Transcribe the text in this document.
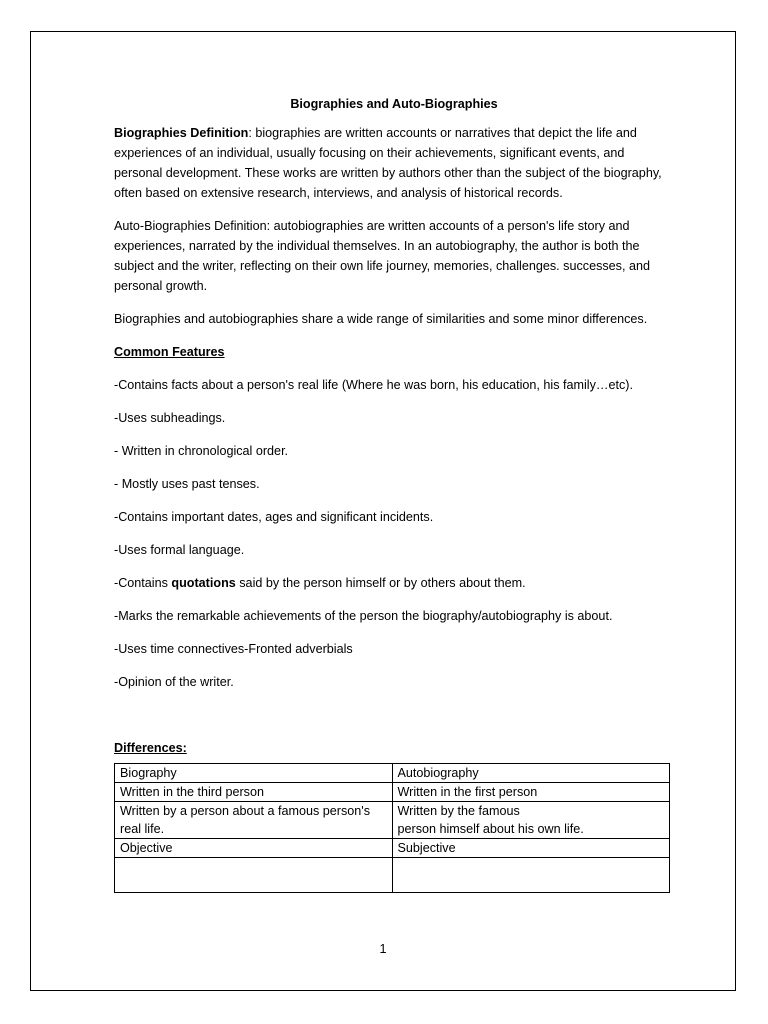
Biographies and Auto-Biographies

Biographies Definition: biographies are written accounts or narratives that depict the life and experiences of an individual, usually focusing on their achievements, significant events, and personal development. These works are written by authors other than the subject of the biography, often based on extensive research, interviews, and analysis of historical records.

Auto-Biographies Definition: autobiographies are written accounts of a person's life story and experiences, narrated by the individual themselves. In an autobiography, the author is both the subject and the writer, reflecting on their own life journey, memories, challenges. successes, and personal growth.

Biographies and autobiographies share a wide range of similarities and some minor differences.

Common Features

-Contains facts about a person's real life (Where he was born, his education, his family…etc).

-Uses subheadings.

- Written in chronological order.

- Mostly uses past tenses.

-Contains important dates, ages and significant incidents.

-Uses formal language.

-Contains quotations said by the person himself or by others about them.

-Marks the remarkable achievements of the person the biography/autobiography is about.

-Uses time connectives-Fronted adverbials

-Opinion of the writer.

Differences:

Biography	Autobiography
Written in the third person	Written in the first person
Written by a person about a famous person's real life.	Written by the famous
person himself about his own life.
Objective	Subjective

1
